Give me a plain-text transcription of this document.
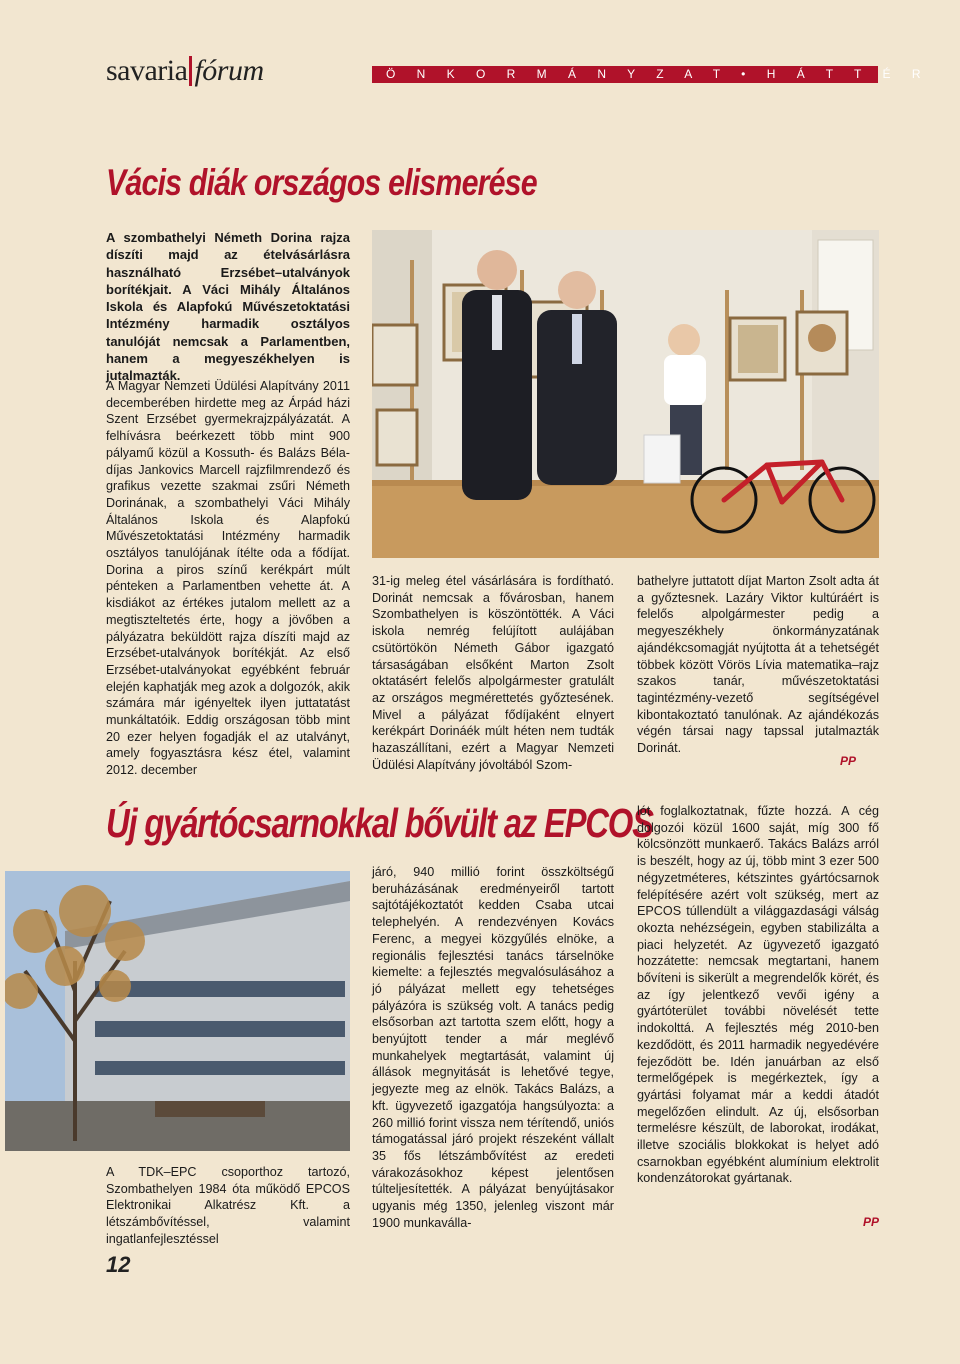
savaria fórum	Ö N K O R M Á N Y Z A T • H Á T T É R
Vácis diák országos elismerése
A szombathelyi Németh Dorina rajza díszíti majd az ételvásárlásra használható Erzsébet–utalványok borítékjait. A Váci Mihály Általános Iskola és Alapfokú Művészetoktatási Intézmény harmadik osztályos tanulóját nemcsak a Parlamentben, hanem a megyeszékhelyen is jutalmazták.
A Magyar Nemzeti Üdülési Alapítvány 2011 decemberében hirdette meg az Árpád házi Szent Erzsébet gyermekrajzpályázatát. A felhívásra beérkezett több mint 900 pályamű közül a Kossuth- és Balázs Béla-díjas Jankovics Marcell rajzfilmrendező és grafikus vezette szakmai zsűri Németh Dorinának, a szombathelyi Váci Mihály Általános Iskola és Alapfokú Művészetoktatási Intézmény harmadik osztályos tanulójának ítélte oda a fődíjat. Dorina a piros színű kerékpárt múlt pénteken a Parlamentben vehette át. A kisdiákot az értékes jutalom mellett az a megtiszteltetés érte, hogy a jövőben a pályázatra beküldött rajza díszíti majd az Erzsébet-utalványok borítékját. Az első Erzsébet-utalványokat egyébként február elején kaphatják meg azok a dolgozók, akik számára már igényeltek ilyen juttatatást munkáltatóik. Eddig országosan több mint 20 ezer helyen fogadják el az utalványt, amely fogyasztásra kész étel, valamint 2012. december
31-ig meleg étel vásárlására is fordítható. Dorinát nemcsak a fővárosban, hanem Szombathelyen is köszöntötték. A Váci iskola nemrég felújított aulájában csütörtökön Németh Gábor igazgató társaságában elsőként Marton Zsolt oktatásért felelős alpolgármester gratulált az országos megmérettetés győztesének. Mivel a pályázat fődíjaként elnyert kerékpárt Dorináék múlt héten nem tudták hazaszállítani, ezért a Magyar Nemzeti Üdülési Alapítvány jóvoltából Szom-
bathelyre juttatott díjat Marton Zsolt adta át a győztesnek. Lazáry Viktor kultúráért is felelős alpolgármester pedig a megyeszékhely önkormányzatának ajándékcsomagját nyújtotta át a tehetségét többek között Vörös Lívia matematika–rajz szakos tanár, művészetoktatási tagintézmény-vezető segítségével kibontakoztató tanulónak. Az ajándékozás végén társai nagy tapssal jutalmazták Dorinát.
PP
Új gyártócsarnokkal bővült az EPCOS
A TDK–EPC csoporthoz tartozó, Szombathelyen 1984 óta működő EPCOS Elektronikai Alkatrész Kft. a létszámbővítéssel, valamint ingatlanfejlesztéssel
járó, 940 millió forint összköltségű beruházásának eredményeiről tartott sajtótájékoztatót kedden Csaba utcai telephelyén. A rendezvényen Kovács Ferenc, a megyei közgyűlés elnöke, a regionális fejlesztési tanács társelnöke kiemelte: a fejlesztés megvalósulásához a jó pályázat mellett egy tehetséges pályázóra is szükség volt. A tanács pedig elsősorban azt tartotta szem előtt, hogy a benyújtott tender a már meglévő munkahelyek megtartását, valamint új állások megnyitását is lehetővé tegye, jegyezte meg az elnök. Takács Balázs, a kft. ügyvezető igazgatója hangsúlyozta: a 260 millió forint vissza nem térítendő, uniós támogatással járó projekt részeként vállalt 35 fős létszámbővítést az eredeti várakozásokhoz képest jelentősen túlteljesítették. A pályázat benyújtásakor ugyanis még 1350, jelenleg viszont már 1900 munkavállа-
lót foglalkoztatnak, fűzte hozzá. A cég dolgozói közül 1600 saját, míg 300 fő kölcsönzött munkaerő. Takács Balázs arról is beszélt, hogy az új, több mint 3 ezer 500 négyzetméteres, kétszintes gyártócsarnok felépítésére azért volt szükség, mert az EPCOS túllendült a világgazdasági válság okozta nehézségein, egyben stabilizálta a piaci helyzetét. Az ügyvezető igazgató hozzátette: nemcsak megtartani, hanem bővíteni is sikerült a megrendelők körét, és az így jelentkező vevői igény a gyártóterület további növelését tette indokolttá. A fejlesztés még 2010-ben kezdődött, és 2011 harmadik negyedévére fejeződött be. Idén januárban az első termelőgépek is megérkeztek, így a gyártási folyamat már a keddi átadót megelőzően elindult. Az új, elsősorban termelésre készült, de laborokat, irodákat, illetve szociális blokkokat is helyet adó csarnokban egyébként alumínium elektrolit kondenzátorokat gyártanak.
PP
12
